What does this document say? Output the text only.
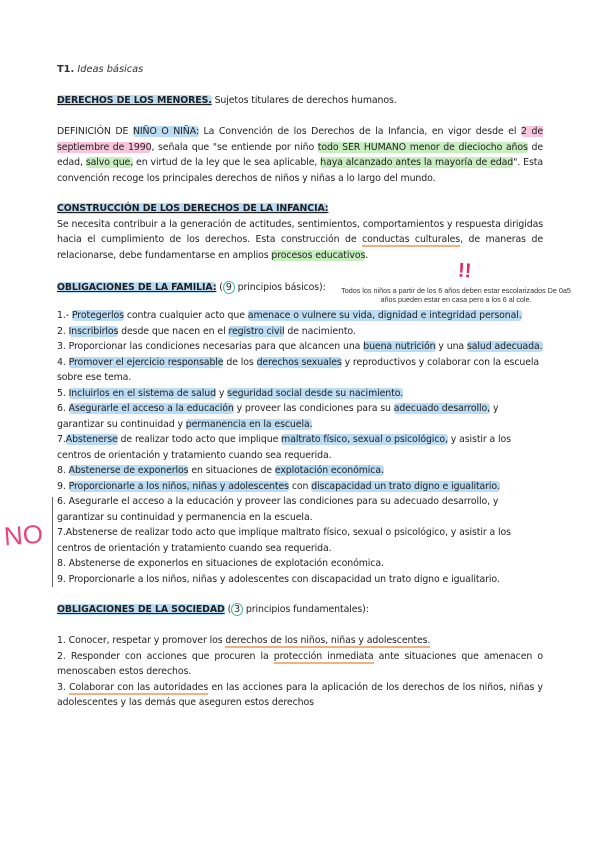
T1. Ideas básicas
DERECHOS DE LOS MENORES. Sujetos titulares de derechos humanos.
DEFINICIÓN DE NIÑO O NIÑA: La Convención de los Derechos de la Infancia, en vigor desde el 2 de septiembre de 1990, señala que "se entiende por niño todo SER HUMANO menor de dieciocho años de edad, salvo que, en virtud de la ley que le sea aplicable, haya alcanzado antes la mayoría de edad". Esta convención recoge los principales derechos de niños y niñas a lo largo del mundo.

CONSTRUCCIÓN DE LOS DERECHOS DE LA INFANCIA:

Se necesita contribuir a la generación de actitudes, sentimientos, comportamientos y respuesta dirigidas hacia el cumplimiento de los derechos. Esta construcción de conductas culturales, de maneras de relacionarse, debe fundamentarse en amplios procesos educativos.

OBLIGACIONES DE LA FAMILIA: ( 9 principios básicos):
!!
Todos los niños a partir de los 6 años deben estar escolarizados De 0a5 años pueden estar en casa pero a los 6 al cole.

1.- Protegerlos contra cualquier acto que amenace o vulnere su vida, dignidad e integridad personal.

2. Inscribirlos desde que nacen en el registro civil de nacimiento.

3. Proporcionar las condiciones necesarias para que alcancen una buena nutrición y una salud adecuada.

4. Promover el ejercicio responsable de los derechos sexuales y reproductivos y colaborar con la escuela sobre ese tema.

5. Incluirlos en el sistema de salud y seguridad social desde su nacimiento.

6. Asegurarle el acceso a la educación y proveer las condiciones para su adecuado desarrollo, y garantizar su continuidad y permanencia en la escuela.

7.Abstenerse de realizar todo acto que implique maltrato físico, sexual o psicológico, y asistir a los centros de orientación y tratamiento cuando sea requerida.

8. Abstenerse de exponerlos en situaciones de explotación económica.

9. Proporcionarle a los niños, niñas y adolescentes con discapacidad un trato digno e igualitario.

6. Asegurarle el acceso a la educación y proveer las condiciones para su adecuado desarrollo, y garantizar su continuidad y permanencia en la escuela.

7.Abstenerse de realizar todo acto que implique maltrato físico, sexual o psicológico, y asistir a los centros de orientación y tratamiento cuando sea requerida.

8. Abstenerse de exponerlos en situaciones de explotación económica.

9. Proporcionarle a los niños, niñas y adolescentes con discapacidad un trato digno e igualitario.

NO
OBLIGACIONES DE LA SOCIEDAD ( 3 principios fundamentales):

1. Conocer, respetar y promover los derechos de los niños, niñas y adolescentes.

2. Responder con acciones que procuren la protección inmediata ante situaciones que amenacen o menoscaben estos derechos.

3. Colaborar con las autoridades en las acciones para la aplicación de los derechos de los niños, niñas y adolescentes y las demás que aseguren estos derechos
